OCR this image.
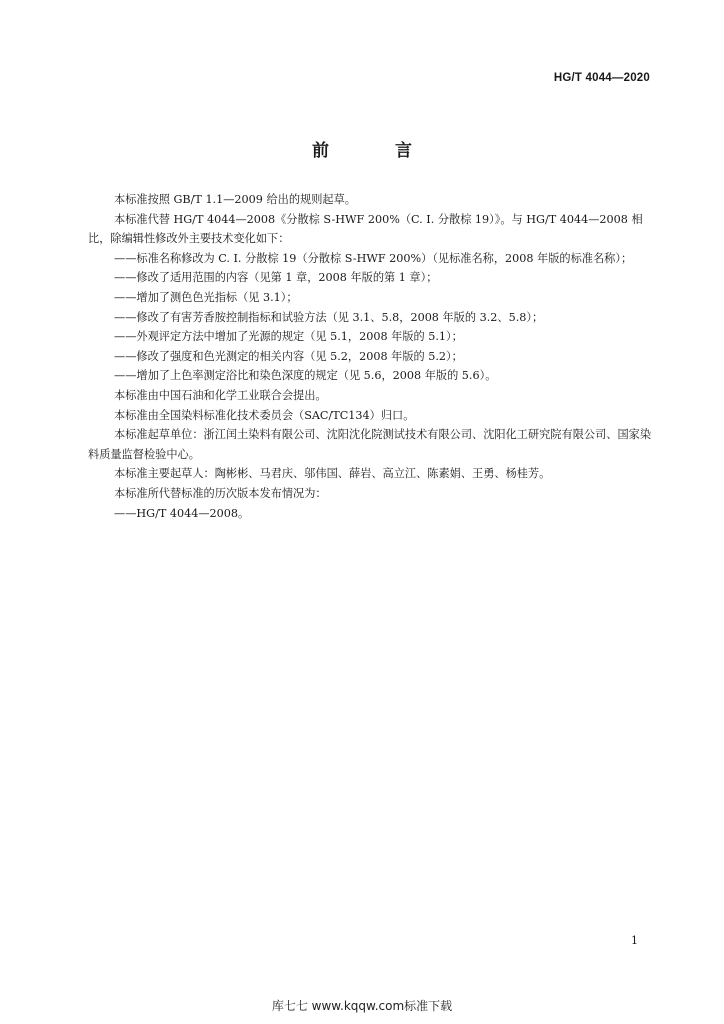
HG/T 4044—2020
前 言

本标准按照 GB/T 1.1—2009 给出的规则起草。

本标准代替 HG/T 4044—2008《分散棕 S-HWF 200%（C. I. 分散棕 19）》。与 HG/T 4044—2008 相比，除编辑性修改外主要技术变化如下：

——标准名称修改为 C. I. 分散棕 19（分散棕 S-HWF 200%）（见标准名称，2008 年版的标准名称）；

——修改了适用范围的内容（见第 1 章，2008 年版的第 1 章）；

——增加了测色色光指标（见 3.1）；

——修改了有害芳香胺控制指标和试验方法（见 3.1、5.8，2008 年版的 3.2、5.8）；

——外观评定方法中增加了光源的规定（见 5.1，2008 年版的 5.1）；

——修改了强度和色光测定的相关内容（见 5.2，2008 年版的 5.2）；

——增加了上色率测定浴比和染色深度的规定（见 5.6，2008 年版的 5.6）。

本标准由中国石油和化学工业联合会提出。

本标准由全国染料标准化技术委员会（SAC/TC134）归口。

本标准起草单位：浙江闰土染料有限公司、沈阳沈化院测试技术有限公司、沈阳化工研究院有限公司、国家染料质量监督检验中心。

本标准主要起草人：陶彬彬、马君庆、邬伟国、薛岩、高立江、陈素娟、王勇、杨桂芳。

本标准所代替标准的历次版本发布情况为：

——HG/T 4044—2008。

1
库七七 www.kqqw.com标准下载
